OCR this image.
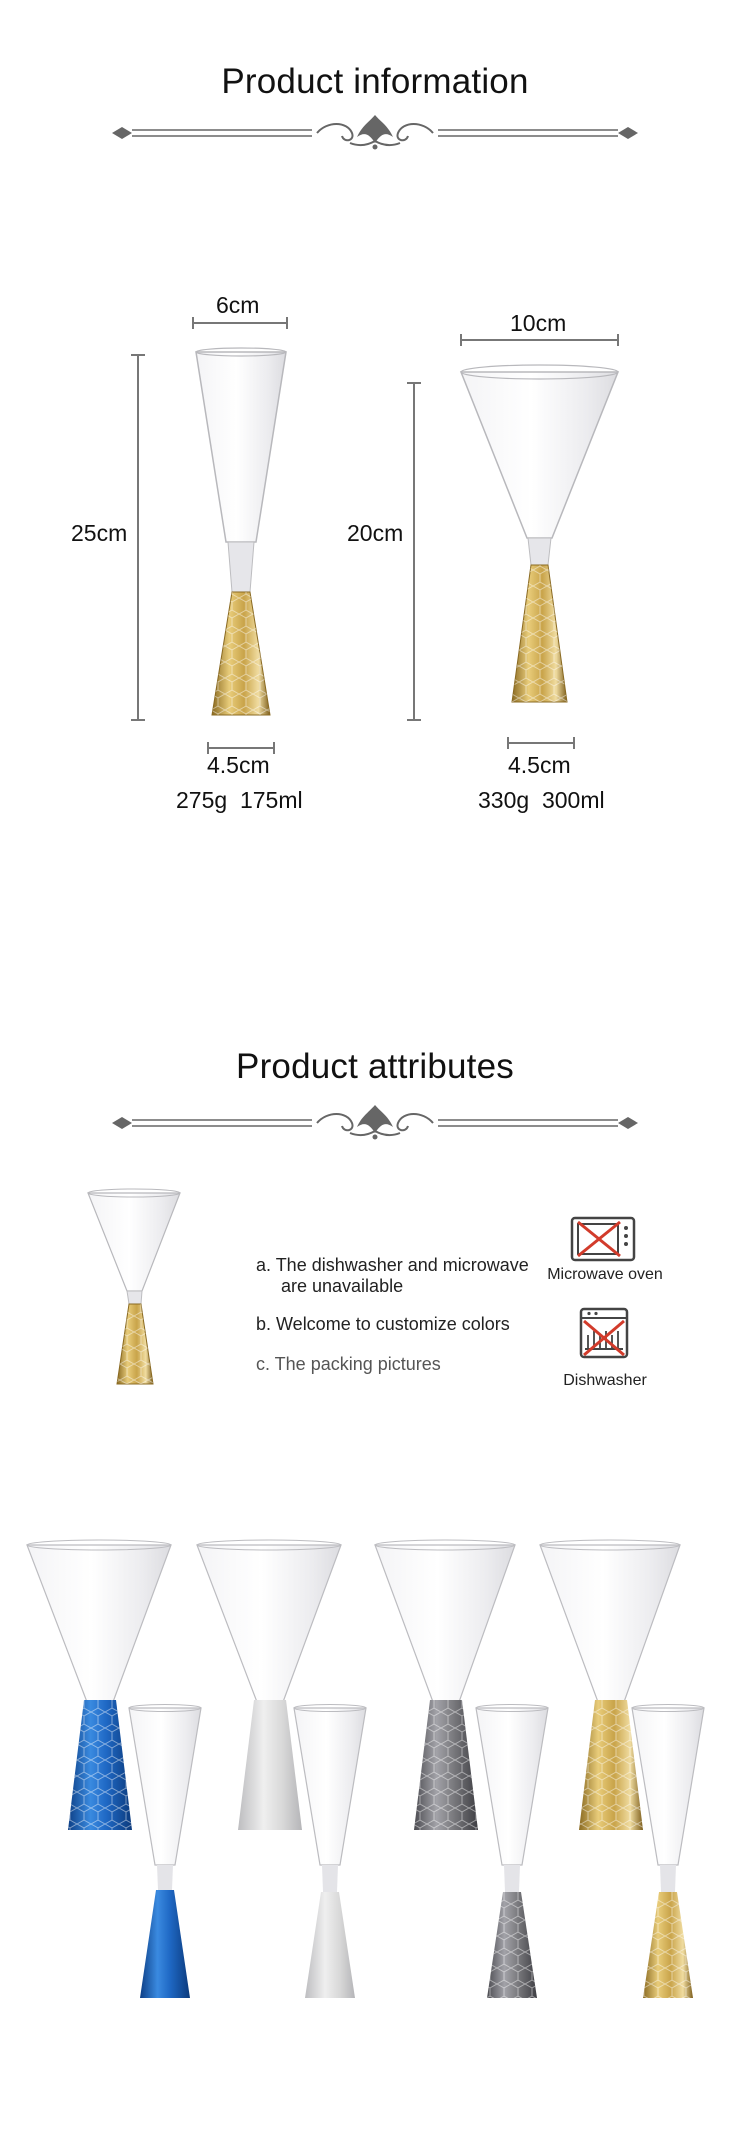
Product information
6cm
25cm
4.5cm
275g  175ml
10cm
20cm
4.5cm
330g  300ml
Product attributes
a. The dishwasher and microwave
are unavailable
b. Welcome to customize colors
c. The packing pictures
Microwave oven
Dishwasher
